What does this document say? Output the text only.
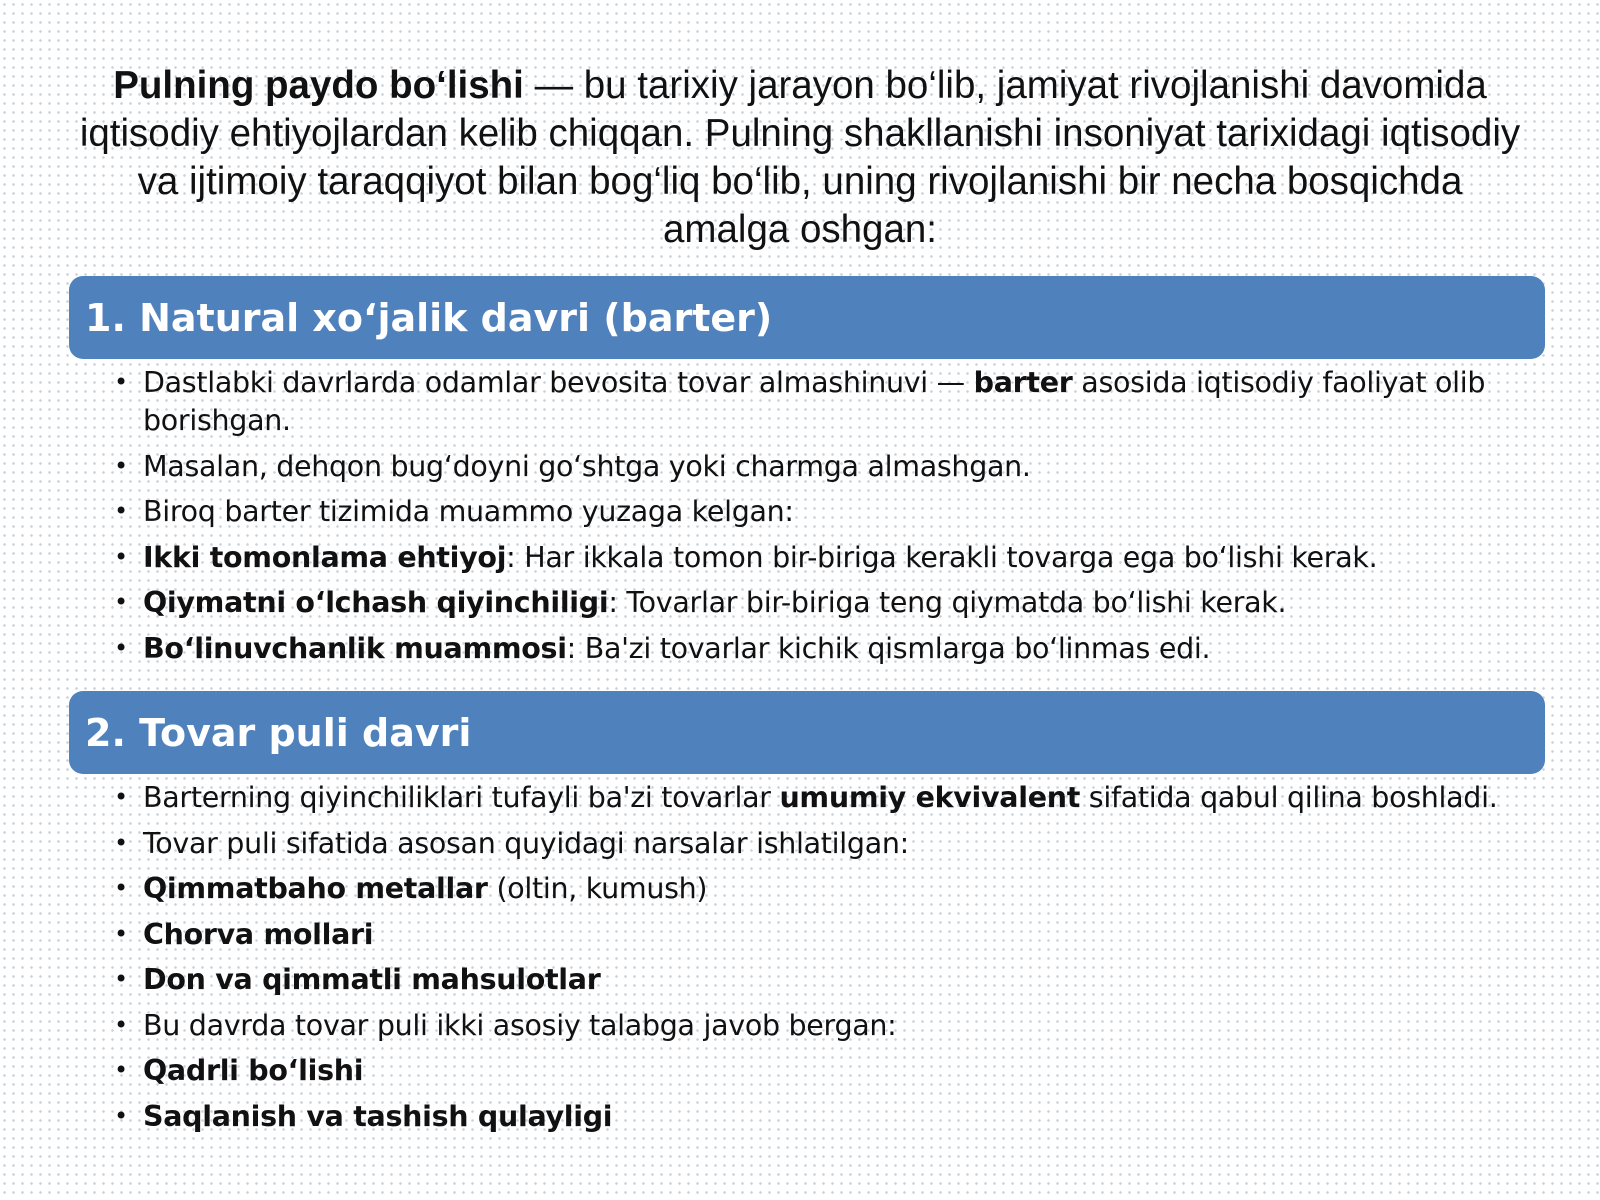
Pulning paydo bo‘lishi — bu tarixiy jarayon bo‘lib, jamiyat rivojlanishi davomida iqtisodiy ehtiyojlardan kelib chiqqan. Pulning shakllanishi insoniyat tarixidagi iqtisodiy va ijtimoiy taraqqiyot bilan bog‘liq bo‘lib, uning rivojlanishi bir necha bosqichda amalga oshgan:

1. Natural xo‘jalik davri (barter)
• Dastlabki davrlarda odamlar bevosita tovar almashinuvi — barter asosida iqtisodiy faoliyat olib borishgan.
• Masalan, dehqon bug‘doyni go‘shtga yoki charmga almashgan.
• Biroq barter tizimida muammo yuzaga kelgan:
• Ikki tomonlama ehtiyoj: Har ikkala tomon bir-biriga kerakli tovarga ega bo‘lishi kerak.
• Qiymatni o‘lchash qiyinchiligi: Tovarlar bir-biriga teng qiymatda bo‘lishi kerak.
• Bo‘linuvchanlik muammosi: Ba'zi tovarlar kichik qismlarga bo‘linmas edi.
2. Tovar puli davri
• Barterning qiyinchiliklari tufayli ba'zi tovarlar umumiy ekvivalent sifatida qabul qilina boshladi.
• Tovar puli sifatida asosan quyidagi narsalar ishlatilgan:
• Qimmatbaho metallar (oltin, kumush)
• Chorva mollari
• Don va qimmatli mahsulotlar
• Bu davrda tovar puli ikki asosiy talabga javob bergan:
• Qadrli bo‘lishi
• Saqlanish va tashish qulayligi
